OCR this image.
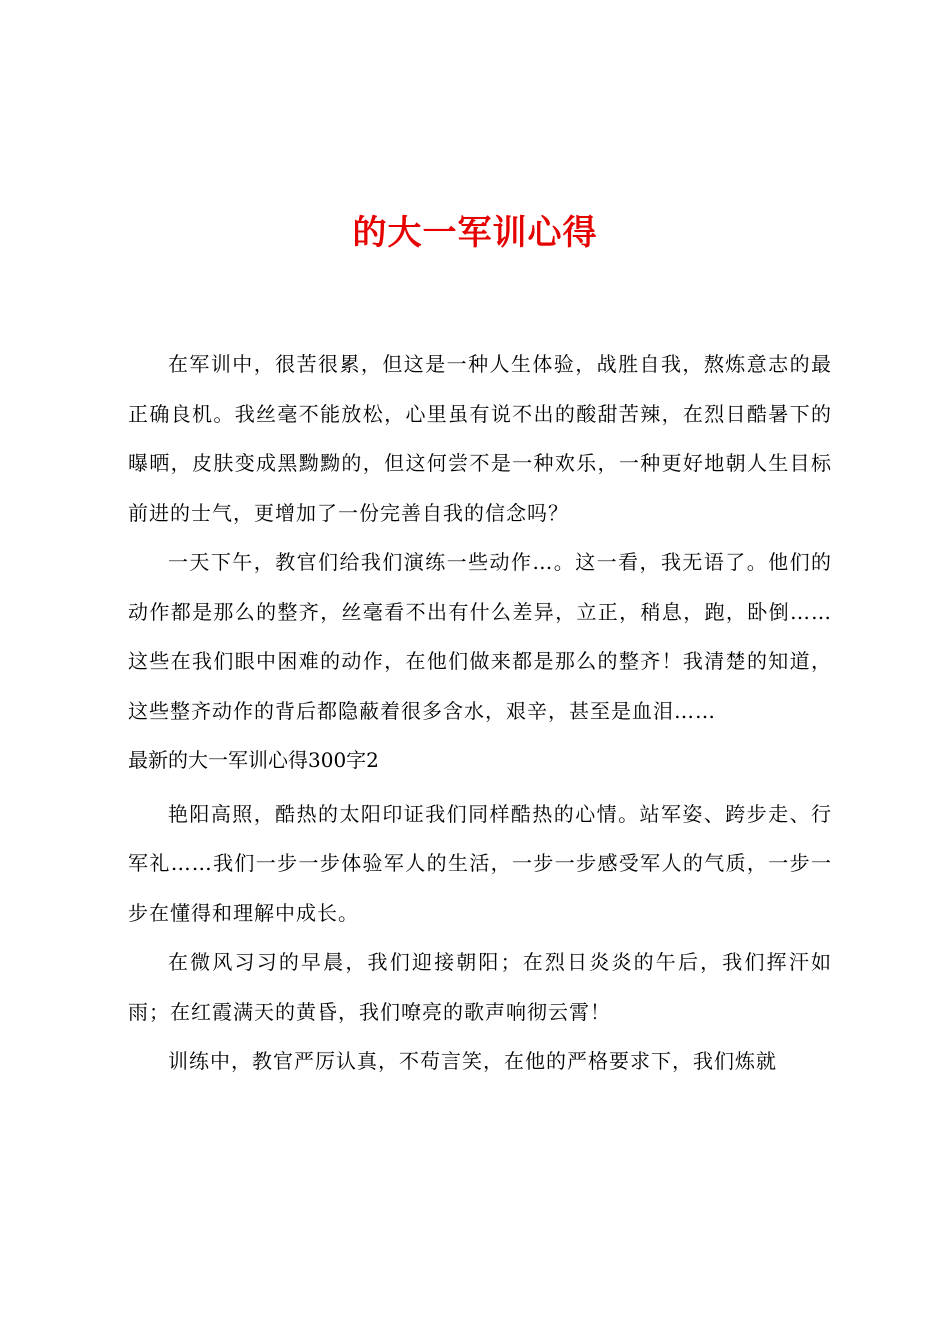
的大一军训心得

在军训中，很苦很累，但这是一种人生体验，战胜自我，熬炼意志的最正确良机。我丝毫不能放松，心里虽有说不出的酸甜苦辣，在烈日酷暑下的曝晒，皮肤变成黑黝黝的，但这何尝不是一种欢乐，一种更好地朝人生目标前进的士气，更增加了一份完善自我的信念吗？

一天下午，教官们给我们演练一些动作…。这一看，我无语了。他们的动作都是那么的整齐，丝毫看不出有什么差异，立正，稍息，跑，卧倒……这些在我们眼中困难的动作，在他们做来都是那么的整齐！我清楚的知道，这些整齐动作的背后都隐蔽着很多含水，艰辛，甚至是血泪……

最新的大一军训心得300字2

艳阳高照，酷热的太阳印证我们同样酷热的心情。站军姿、跨步走、行军礼……我们一步一步体验军人的生活，一步一步感受军人的气质，一步一步在懂得和理解中成长。

在微风习习的早晨，我们迎接朝阳；在烈日炎炎的午后，我们挥汗如雨；在红霞满天的黄昏，我们嘹亮的歌声响彻云霄！

训练中，教官严厉认真，不苟言笑，在他的严格要求下，我们炼就
